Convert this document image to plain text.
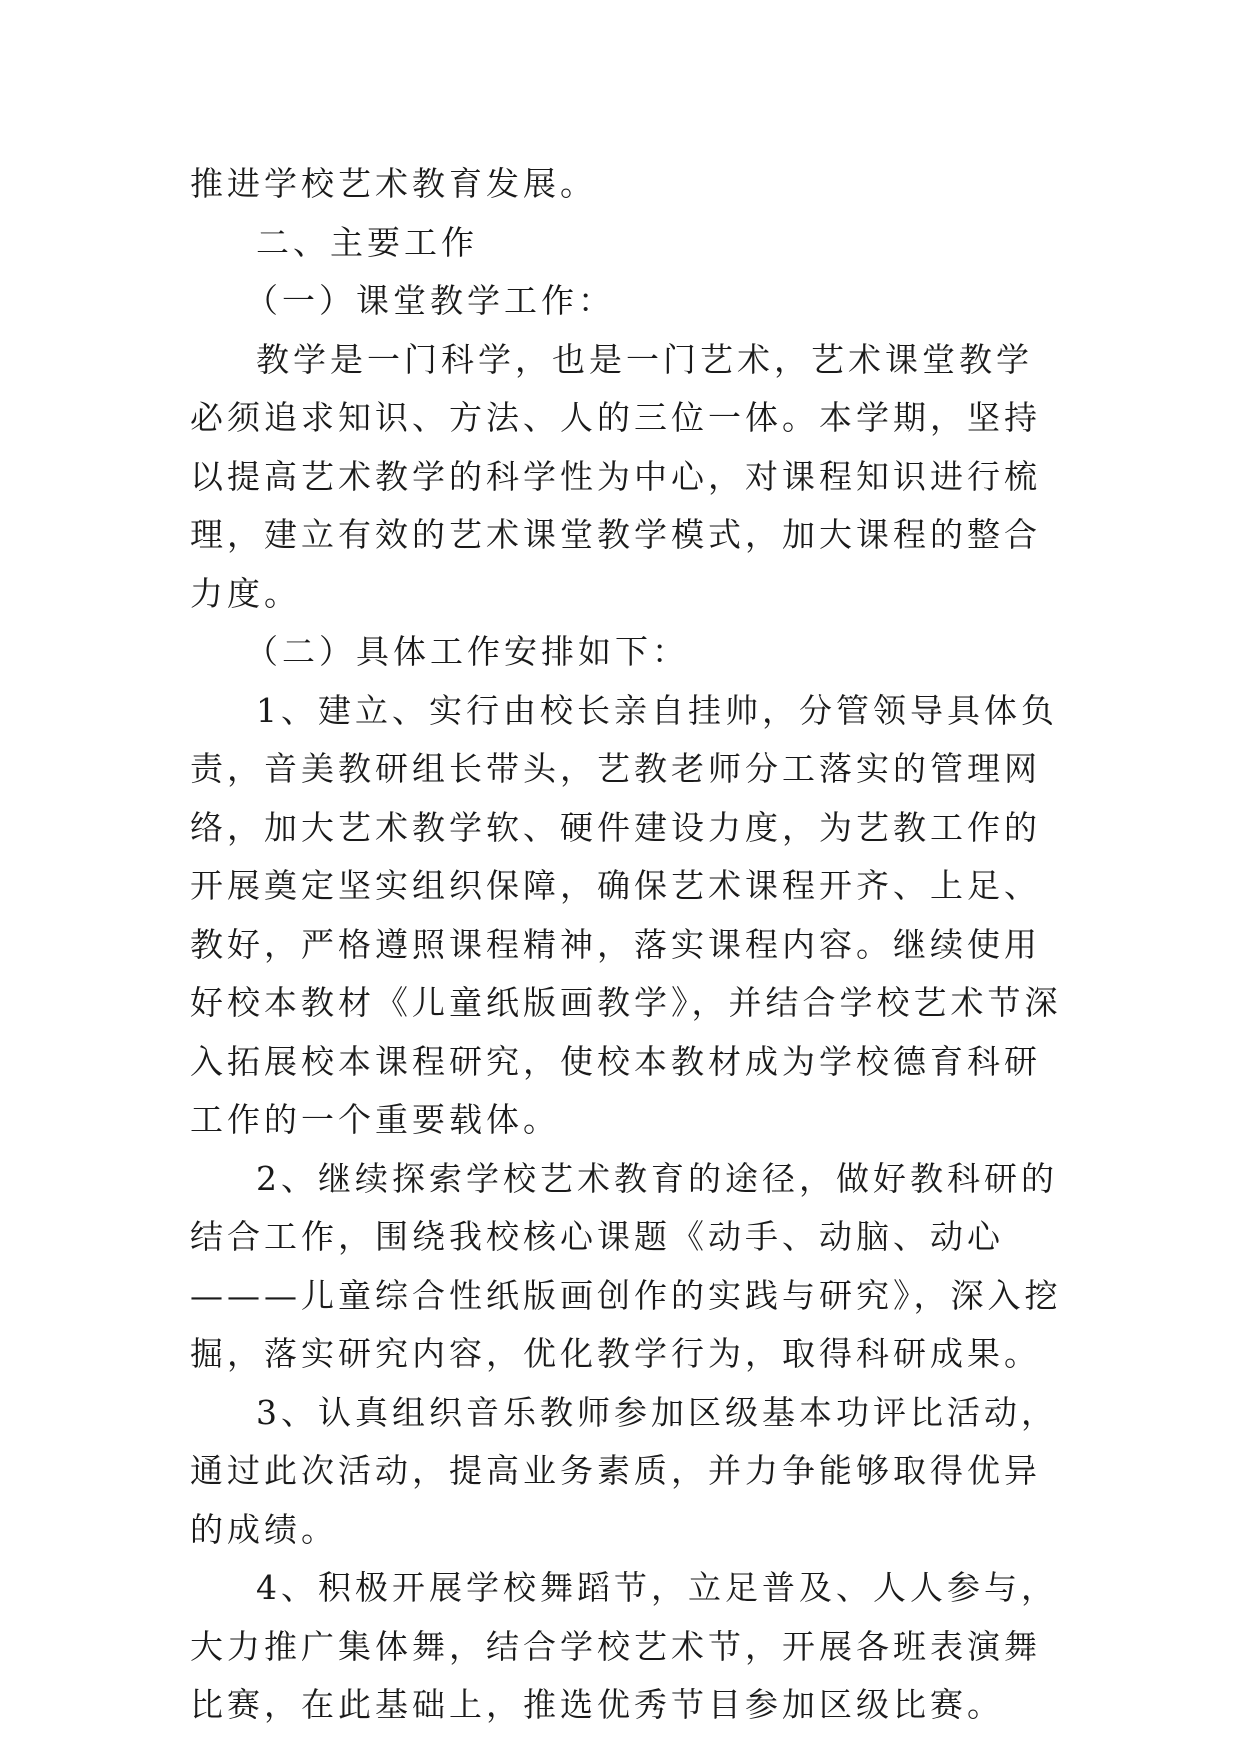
推进学校艺术教育发展。

二、主要工作

（一）课堂教学工作：

教学是一门科学，也是一门艺术，艺术课堂教学必须追求知识、方法、人的三位一体。本学期，坚持以提高艺术教学的科学性为中心，对课程知识进行梳理，建立有效的艺术课堂教学模式，加大课程的整合力度。

（二）具体工作安排如下：

1、建立、实行由校长亲自挂帅，分管领导具体负责，音美教研组长带头，艺教老师分工落实的管理网络，加大艺术教学软、硬件建设力度，为艺教工作的开展奠定坚实组织保障，确保艺术课程开齐、上足、教好，严格遵照课程精神，落实课程内容。继续使用好校本教材《儿童纸版画教学》，并结合学校艺术节深入拓展校本课程研究，使校本教材成为学校德育科研工作的一个重要载体。

2、继续探索学校艺术教育的途径，做好教科研的结合工作，围绕我校核心课题《动手、动脑、动心———儿童综合性纸版画创作的实践与研究》，深入挖掘，落实研究内容，优化教学行为，取得科研成果。

3、认真组织音乐教师参加区级基本功评比活动，通过此次活动，提高业务素质，并力争能够取得优异的成绩。

4、积极开展学校舞蹈节，立足普及、人人参与，大力推广集体舞，结合学校艺术节，开展各班表演舞比赛，在此基础上，推选优秀节目参加区级比赛。
